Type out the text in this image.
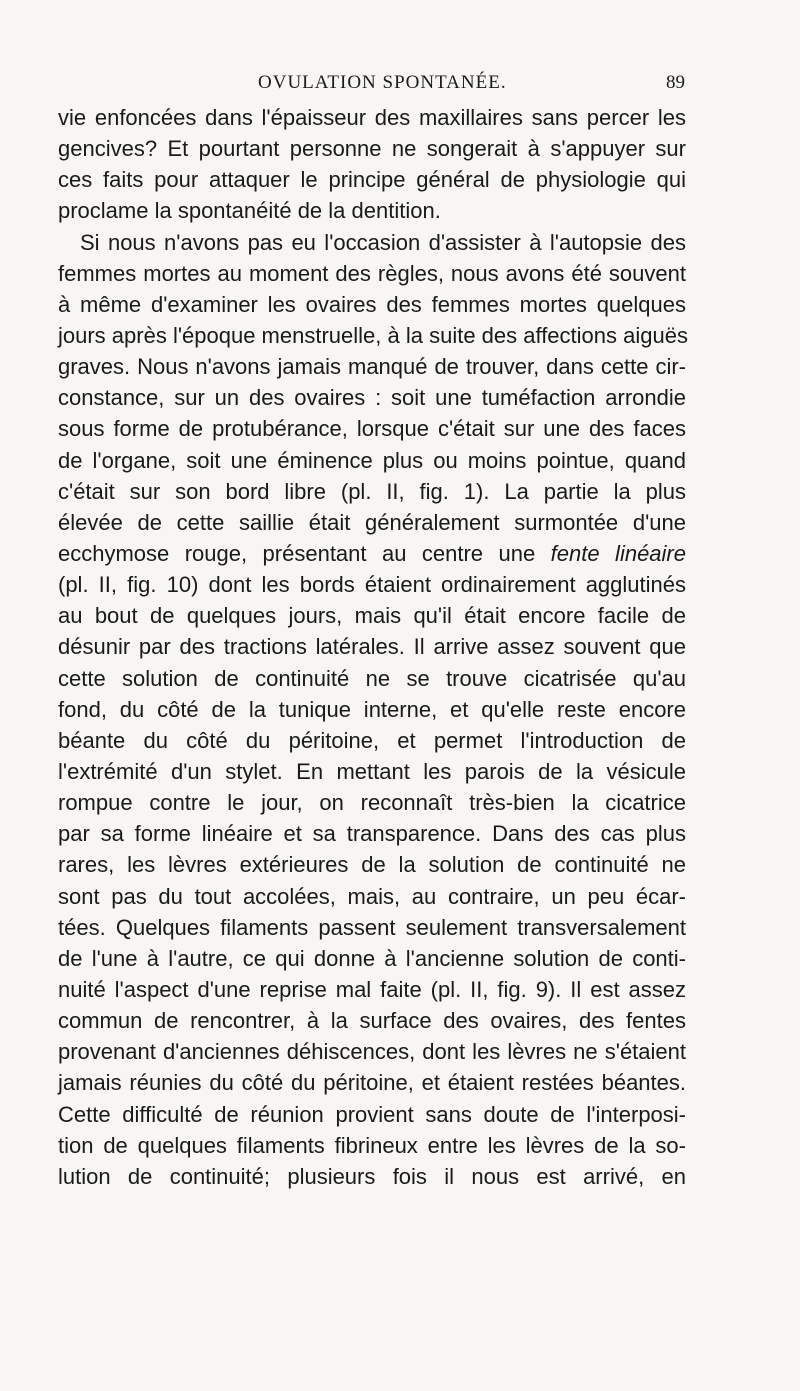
OVULATION SPONTANÉE.	89
vie enfoncées dans l'épaisseur des maxillaires sans percer les
gencives? Et pourtant personne ne songerait à s'appuyer sur
ces faits pour attaquer le principe général de physiologie qui
proclame la spontanéité de la dentition.
Si nous n'avons pas eu l'occasion d'assister à l'autopsie des
femmes mortes au moment des règles, nous avons été souvent
à même d'examiner les ovaires des femmes mortes quelques
jours après l'époque menstruelle, à la suite des affections aiguës
graves. Nous n'avons jamais manqué de trouver, dans cette cir-
constance, sur un des ovaires : soit une tuméfaction arrondie
sous forme de protubérance, lorsque c'était sur une des faces
de l'organe, soit une éminence plus ou moins pointue, quand
c'était sur son bord libre (pl. II, fig. 1). La partie la plus
élevée de cette saillie était généralement surmontée d'une
ecchymose rouge, présentant au centre une fente linéaire
(pl. II, fig. 10) dont les bords étaient ordinairement agglutinés
au bout de quelques jours, mais qu'il était encore facile de
désunir par des tractions latérales. Il arrive assez souvent que
cette solution de continuité ne se trouve cicatrisée qu'au
fond, du côté de la tunique interne, et qu'elle reste encore
béante du côté du péritoine, et permet l'introduction de
l'extrémité d'un stylet. En mettant les parois de la vésicule
rompue contre le jour, on reconnaît très-bien la cicatrice
par sa forme linéaire et sa transparence. Dans des cas plus
rares, les lèvres extérieures de la solution de continuité ne
sont pas du tout accolées, mais, au contraire, un peu écar-
tées. Quelques filaments passent seulement transversalement
de l'une à l'autre, ce qui donne à l'ancienne solution de conti-
nuité l'aspect d'une reprise mal faite (pl. II, fig. 9). Il est assez
commun de rencontrer, à la surface des ovaires, des fentes
provenant d'anciennes déhiscences, dont les lèvres ne s'étaient
jamais réunies du côté du péritoine, et étaient restées béantes.
Cette difficulté de réunion provient sans doute de l'interposi-
tion de quelques filaments fibrineux entre les lèvres de la so-
lution de continuité; plusieurs fois il nous est arrivé, en
